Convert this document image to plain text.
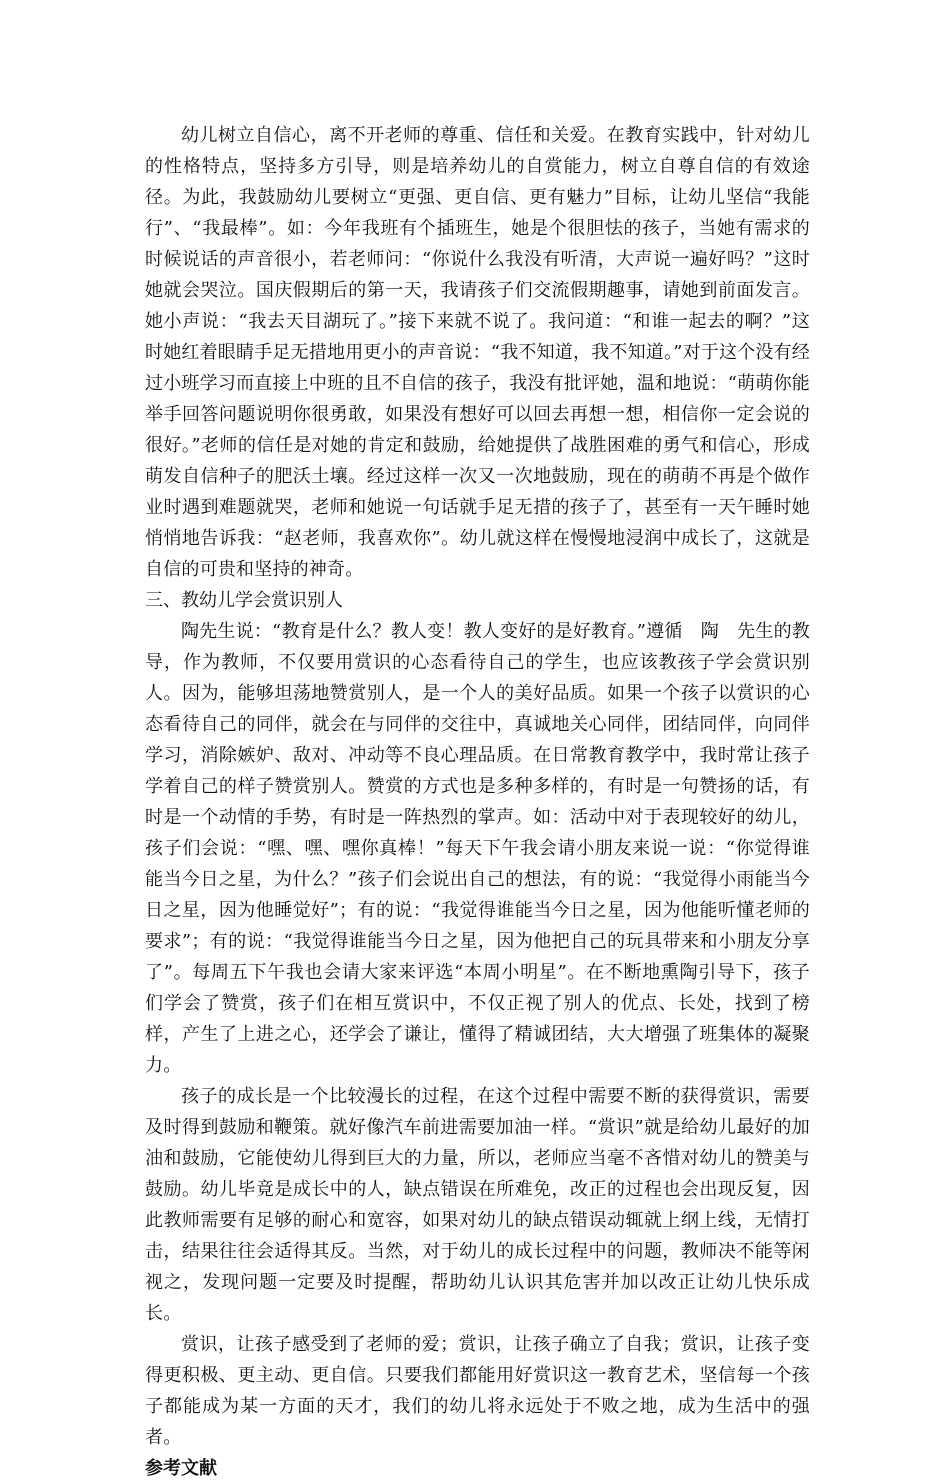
幼儿树立自信心，离不开老师的尊重、信任和关爱。在教育实践中，针对幼儿的性格特点，坚持多方引导，则是培养幼儿的自赏能力，树立自尊自信的有效途径。为此，我鼓励幼儿要树立“更强、更自信、更有魅力”目标，让幼儿坚信“我能行”、“我最棒”。如：今年我班有个插班生，她是个很胆怯的孩子，当她有需求的时候说话的声音很小，若老师问：“你说什么我没有听清，大声说一遍好吗？”这时她就会哭泣。国庆假期后的第一天，我请孩子们交流假期趣事，请她到前面发言。她小声说：“我去天目湖玩了。”接下来就不说了。我问道：“和谁一起去的啊？”这时她红着眼睛手足无措地用更小的声音说：“我不知道，我不知道。”对于这个没有经过小班学习而直接上中班的且不自信的孩子，我没有批评她，温和地说：“萌萌你能举手回答问题说明你很勇敢，如果没有想好可以回去再想一想，相信你一定会说的很好。”老师的信任是对她的肯定和鼓励，给她提供了战胜困难的勇气和信心，形成萌发自信种子的肥沃土壤。经过这样一次又一次地鼓励，现在的萌萌不再是个做作业时遇到难题就哭，老师和她说一句话就手足无措的孩子了，甚至有一天午睡时她悄悄地告诉我：“赵老师，我喜欢你”。幼儿就这样在慢慢地浸润中成长了，这就是自信的可贵和坚持的神奇。

三、教幼儿学会赏识别人

陶先生说：“教育是什么？教人变！教人变好的是好教育。”遵循　陶　先生的教导，作为教师，不仅要用赏识的心态看待自己的学生，也应该教孩子学会赏识别人。因为，能够坦荡地赞赏别人，是一个人的美好品质。如果一个孩子以赏识的心态看待自己的同伴，就会在与同伴的交往中，真诚地关心同伴，团结同伴，向同伴学习，消除嫉妒、敌对、冲动等不良心理品质。在日常教育教学中，我时常让孩子学着自己的样子赞赏别人。赞赏的方式也是多种多样的，有时是一句赞扬的话，有时是一个动情的手势，有时是一阵热烈的掌声。如：活动中对于表现较好的幼儿，孩子们会说：“嘿、嘿、嘿你真棒！”每天下午我会请小朋友来说一说：“你觉得谁能当今日之星，为什么？”孩子们会说出自己的想法，有的说：“我觉得小雨能当今日之星，因为他睡觉好”；有的说：“我觉得谁能当今日之星，因为他能听懂老师的要求”；有的说：“我觉得谁能当今日之星，因为他把自己的玩具带来和小朋友分享了”。每周五下午我也会请大家来评选“本周小明星”。在不断地熏陶引导下，孩子们学会了赞赏，孩子们在相互赏识中，不仅正视了别人的优点、长处，找到了榜样，产生了上进之心，还学会了谦让，懂得了精诚团结，大大增强了班集体的凝聚力。

孩子的成长是一个比较漫长的过程，在这个过程中需要不断的获得赏识，需要及时得到鼓励和鞭策。就好像汽车前进需要加油一样。“赏识”就是给幼儿最好的加油和鼓励，它能使幼儿得到巨大的力量，所以，老师应当毫不吝惜对幼儿的赞美与鼓励。幼儿毕竟是成长中的人，缺点错误在所难免，改正的过程也会出现反复，因此教师需要有足够的耐心和宽容，如果对幼儿的缺点错误动辄就上纲上线，无情打击，结果往往会适得其反。当然，对于幼儿的成长过程中的问题，教师决不能等闲视之，发现问题一定要及时提醒，帮助幼儿认识其危害并加以改正让幼儿快乐成长。

赏识，让孩子感受到了老师的爱；赏识，让孩子确立了自我；赏识，让孩子变得更积极、更主动、更自信。只要我们都能用好赏识这一教育艺术，坚信每一个孩子都能成为某一方面的天才，我们的幼儿将永远处于不败之地，成为生活中的强者。

参考文献
